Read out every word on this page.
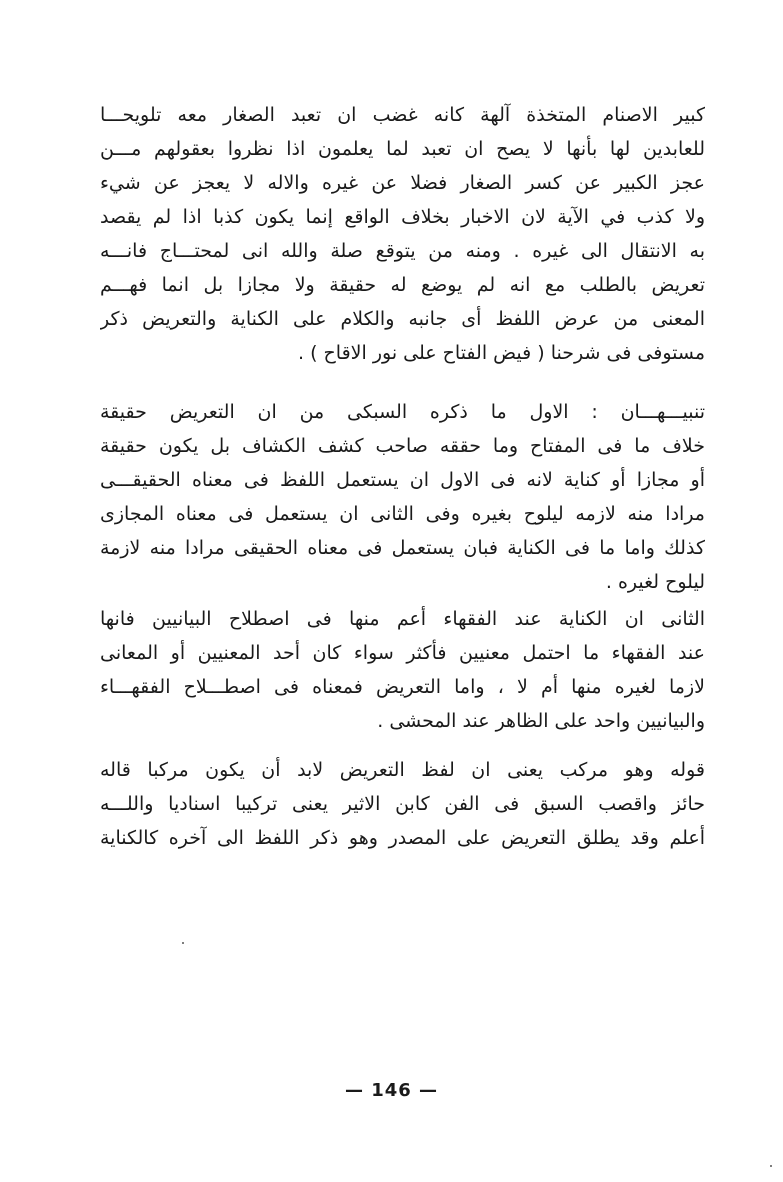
كبير الاصنام المتخذة آلهة كانه غضب ان تعبد الصغار معه تلويحـــا
للعابدين لها بأنها لا يصح ان تعبد لما يعلمون اذا نظروا بعقولهم مـــن
عجز الكبير عن كسر الصغار فضلا عن غيره والاله لا يعجز عن شيء
ولا كذب في الآية لان الاخبار بخلاف الواقع إنما يكون كذبا اذا لم يقصد
به الانتقال الى غيره . ومنه من يتوقع صلة والله انى لمحتـــاج فانـــه
تعريض بالطلب مع انه لم يوضع له حقيقة ولا مجازا بل انما فهـــم
المعنى من عرض اللفظ أى جانبه والكلام على الكناية والتعريض ذكر
مستوفى فى شرحنا ( فيض الفتاح على نور الاقاح ) .
تنبيـــهـــان : الاول ما ذكره السبكى من ان التعريض حقيقة
خلاف ما فى المفتاح وما حققه صاحب كشف الكشاف بل يكون حقيقة
أو مجازا أو كناية لانه فى الاول ان يستعمل اللفظ فى معناه الحقيقـــى
مرادا منه لازمه ليلوح بغيره وفى الثانى ان يستعمل فى معناه المجازى
كذلك واما ما فى الكناية فبان يستعمل فى معناه الحقيقى مرادا منه لازمة
ليلوح لغيره .
الثانى ان الكناية عند الفقهاء أعم منها فى اصطلاح البيانيين فانها
عند الفقهاء ما احتمل معنيين فأكثر سواء كان أحد المعنيين أو المعانى
لازما لغيره منها أم لا ، واما التعريض فمعناه فى اصطـــلاح الفقهـــاء
والبيانيين واحد على الظاهر عند المحشى .
قوله وهو مركب يعنى ان لفظ التعريض لابد أن يكون مركبا قاله
حائز واقصب السبق فى الفن كابن الاثير يعنى تركيبا اسناديا واللـــه
أعلم وقد يطلق التعريض على المصدر وهو ذكر اللفظ الى آخره كالكناية
— 146 —
